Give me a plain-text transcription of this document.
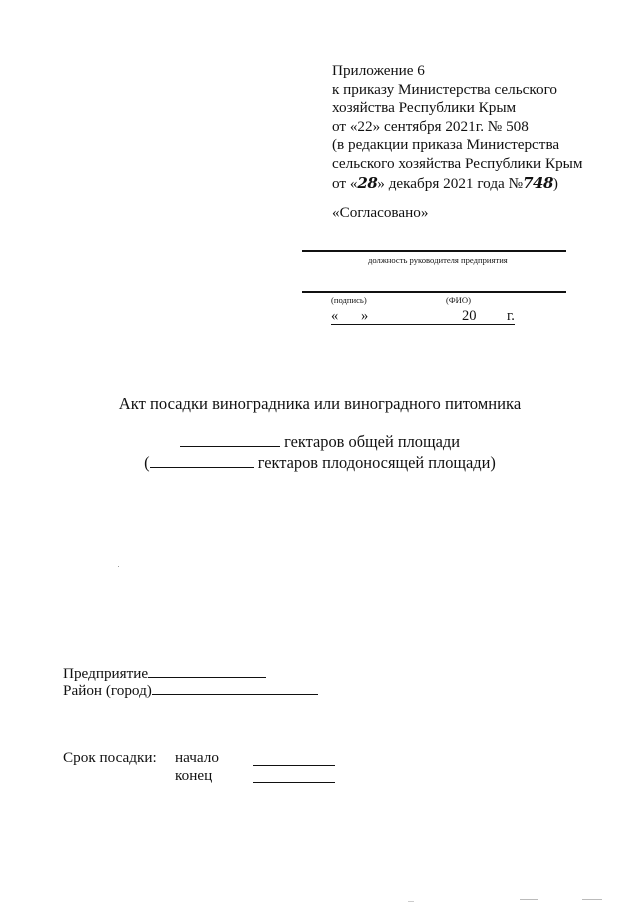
Приложение 6
к приказу Министерства сельского
хозяйства Республики Крым
от «22» сентября 2021г. № 508
(в редакции приказа Министерства
сельского хозяйства Республики Крым
от «28» декабря 2021 года №748)
«Согласовано»
должность руководителя предприятия
(подпись)	(ФИО)
« »	20 г.
Акт посадки виноградника или виноградного питомника
гектаров общей площади
(	гектаров плодоносящей площади)
Предприятие
Район (город)
Срок посадки: начало
конец
